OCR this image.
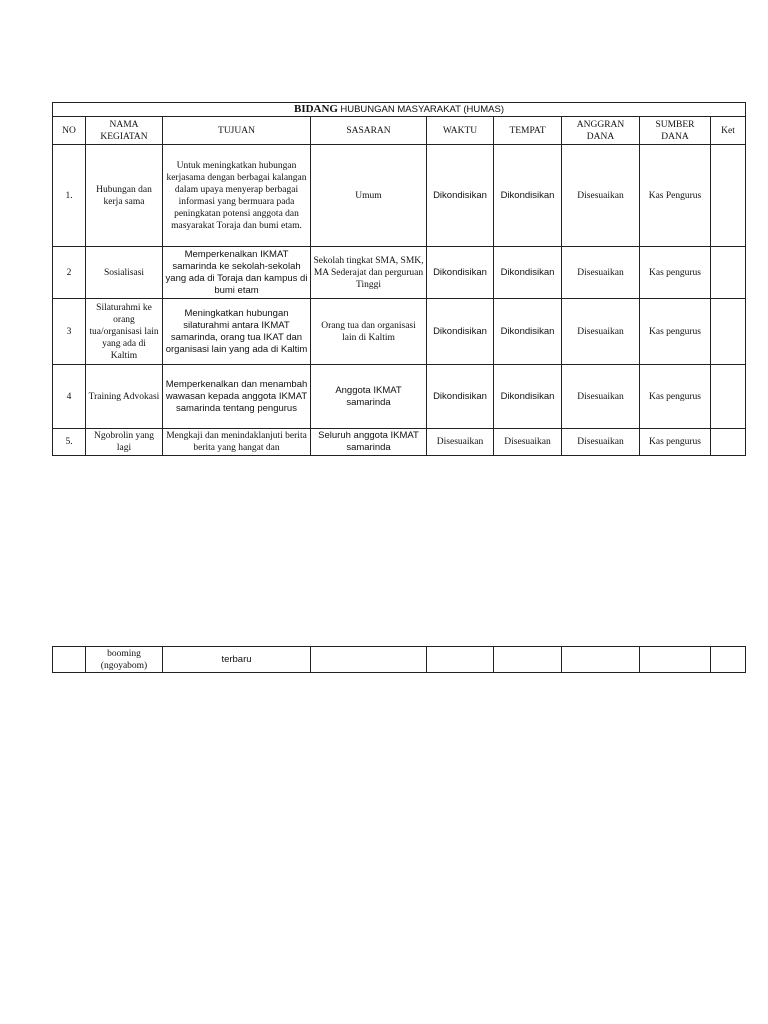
BIDANG HUBUNGAN MASYARAKAT (HUMAS)								
NO	NAMA KEGIATAN	TUJUAN	SASARAN	WAKTU	TEMPAT	ANGGRAN DANA	SUMBER DANA	Ket
1.	Hubungan dan kerja sama	Untuk meningkatkan hubungan kerjasama dengan berbagai kalangan dalam upaya menyerap berbagai informasi yang bermuara pada peningkatan potensi anggota dan masyarakat Toraja dan bumi etam.	Umum	Dikondisikan	Dikondisikan	Disesuaikan	Kas Pengurus	
2	Sosialisasi	Memperkenalkan IKMAT samarinda ke sekolah-sekolah yang ada di Toraja dan kampus di bumi etam	Sekolah tingkat SMA, SMK, MA Sederajat dan perguruan Tinggi	Dikondisikan	Dikondisikan	Disesuaikan	Kas pengurus	
3	Silaturahmi ke orang tua/organisasi lain yang ada di Kaltim	Meningkatkan hubungan silaturahmi antara IKMAT samarinda, orang tua IKAT dan organisasi lain yang ada di Kaltim	Orang tua dan organisasi lain di Kaltim	Dikondisikan	Dikondisikan	Disesuaikan	Kas pengurus	
4	Training Advokasi	Memperkenalkan dan menambah wawasan kepada anggota IKMAT samarinda tentang pengurus	Anggota IKMAT samarinda	Dikondisikan	Dikondisikan	Disesuaikan	Kas pengurus	
5.	Ngobrolin yang lagi	Mengkaji dan menindaklanjuti berita berita yang hangat dan	Seluruh anggota IKMAT samarinda	Disesuaikan	Disesuaikan	Disesuaikan	Kas pengurus	
	booming (ngoyabom)	terbaru						
